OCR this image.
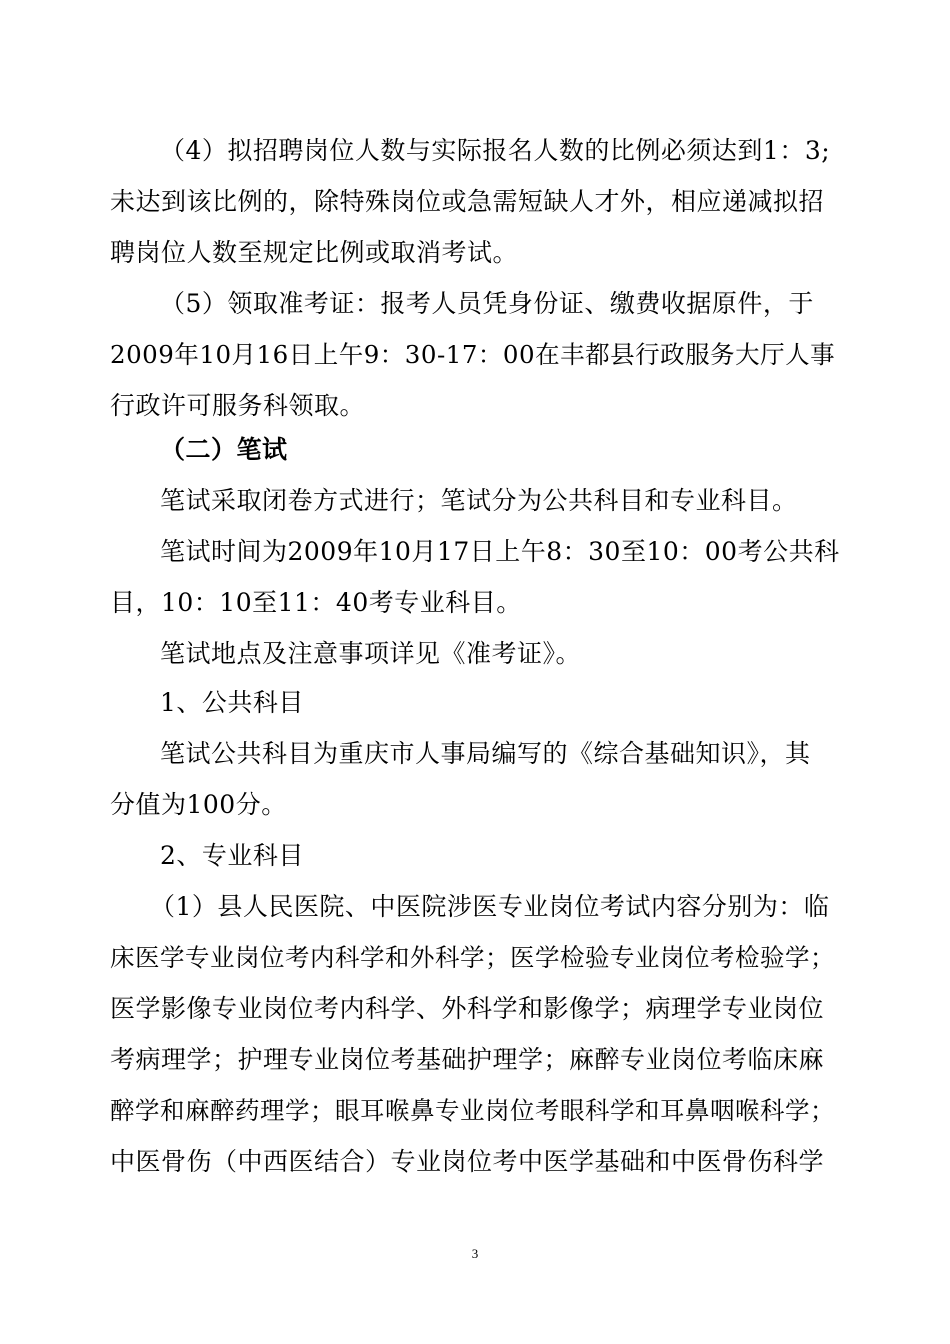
（4）拟招聘岗位人数与实际报名人数的比例必须达到1：3;
未达到该比例的，除特殊岗位或急需短缺人才外，相应递减拟招
聘岗位人数至规定比例或取消考试。
（5）领取准考证：报考人员凭身份证、缴费收据原件，于
2009年10月16日上午9：30-17：00在丰都县行政服务大厅人事
行政许可服务科领取。
（二）笔试
笔试采取闭卷方式进行；笔试分为公共科目和专业科目。
笔试时间为2009年10月17日上午8：30至10：00考公共科
目，10：10至11：40考专业科目。
笔试地点及注意事项详见《准考证》。
1、公共科目
笔试公共科目为重庆市人事局编写的《综合基础知识》，其
分值为100分。
2、专业科目
（1）县人民医院、中医院涉医专业岗位考试内容分别为：临
床医学专业岗位考内科学和外科学；医学检验专业岗位考检验学；
医学影像专业岗位考内科学、外科学和影像学；病理学专业岗位
考病理学；护理专业岗位考基础护理学；麻醉专业岗位考临床麻
醉学和麻醉药理学；眼耳喉鼻专业岗位考眼科学和耳鼻咽喉科学；
中医骨伤（中西医结合）专业岗位考中医学基础和中医骨伤科学
3
